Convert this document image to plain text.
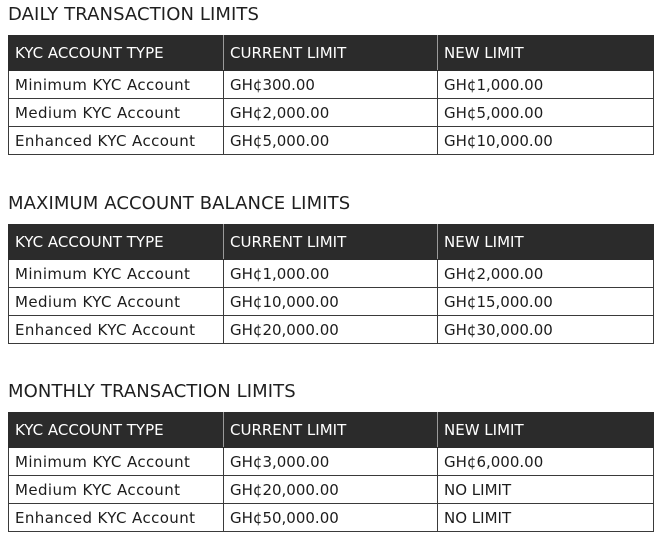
DAILY TRANSACTION LIMITS
KYC ACCOUNT TYPE	CURRENT LIMIT	NEW LIMIT
Minimum KYC Account	GH¢300.00	GH¢1,000.00
Medium KYC Account	GH¢2,000.00	GH¢5,000.00
Enhanced KYC Account	GH¢5,000.00	GH¢10,000.00
MAXIMUM ACCOUNT BALANCE LIMITS
KYC ACCOUNT TYPE	CURRENT LIMIT	NEW LIMIT
Minimum KYC Account	GH¢1,000.00	GH¢2,000.00
Medium KYC Account	GH¢10,000.00	GH¢15,000.00
Enhanced KYC Account	GH¢20,000.00	GH¢30,000.00
MONTHLY TRANSACTION LIMITS
KYC ACCOUNT TYPE	CURRENT LIMIT	NEW LIMIT
Minimum KYC Account	GH¢3,000.00	GH¢6,000.00
Medium KYC Account	GH¢20,000.00	NO LIMIT
Enhanced KYC Account	GH¢50,000.00	NO LIMIT
